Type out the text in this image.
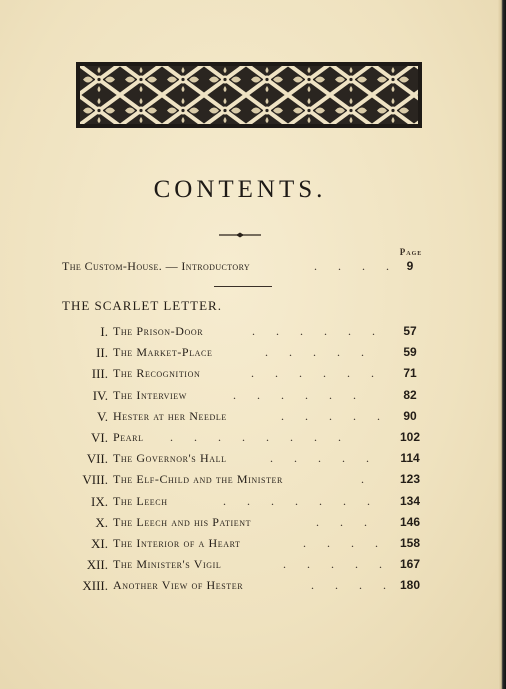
CONTENTS.
Page
The Custom-House. — Introductory	. . . . 9
THE SCARLET LETTER.
I. The Prison-Door	. . . . . .	57
II. The Market-Place	. . . . .	59
III. The Recognition	. . . . . .	71
IV. The Interview	. . . . . .	82
V. Hester at her Needle	. . . . .	90
VI. Pearl . . . . . . . .	102
VII. The Governor's Hall	. . . . .	114
VIII. The Elf-Child and the Minister	.	123
IX. The Leech	. . . . . . .	134
X. The Leech and his Patient	. . .	146
XI. The Interior of a Heart	. . . .	158
XII. The Minister's Vigil	. . . . . 167
XIII. Another View of Hester	. . . . 180
